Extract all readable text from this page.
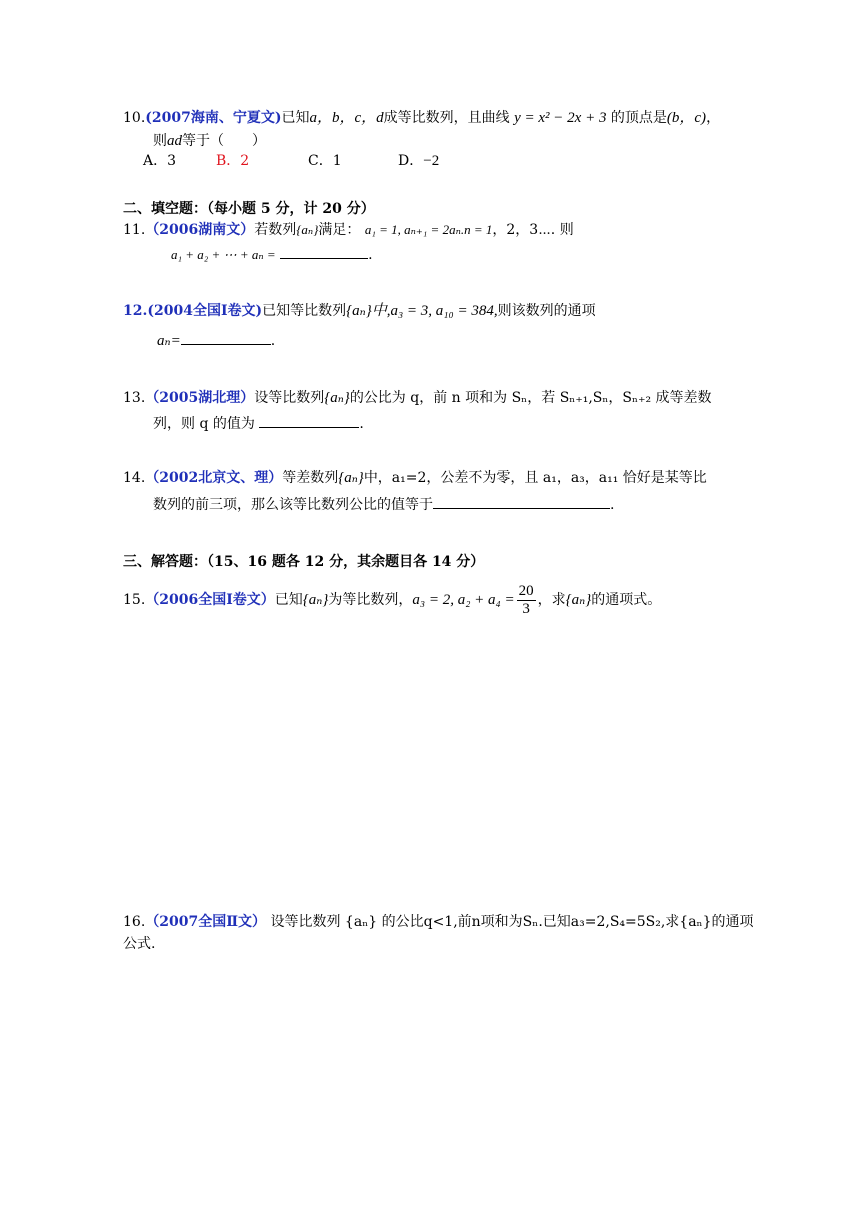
10.(2007海南、宁夏文)已知a，b，c，d成等比数列，且曲线 y = x² − 2x + 3 的顶点是(b，c)，
则ad等于（　　）
A．3	B．2	C．1	D．−2
二、填空题：（每小题 5 分，计 20 分）
11.（2006湖南文）若数列{aₙ}满足： a₁ = 1, aₙ₊₁ = 2aₙ.n = 1，2，3⋯. 则
a₁ + a₂ + ⋯ + aₙ =	.
12.(2004全国Ⅰ卷文)已知等比数列{aₙ}中,a₃ = 3, a₁₀ = 384,则该数列的通项
aₙ=	.
13.（2005湖北理）设等比数列{aₙ}的公比为 q，前 n 项和为 Sₙ，若 Sₙ₊₁,Sₙ，Sₙ₊₂ 成等差数
列，则 q 的值为	.
14.（2002北京文、理）等差数列{aₙ}中，a₁=2，公差不为零，且 a₁，a₃，a₁₁ 恰好是某等比
数列的前三项，那么该等比数列公比的值等于	.
三、解答题：（15、16 题各 12 分，其余题目各 14 分）
15.（2006全国Ⅰ卷文）已知{aₙ}为等比数列，a₃ = 2, $a_2 + a_4 = \frac{20}{3}$ ，求{aₙ}的通项式。
16.（2007全国Ⅱ文） 设等比数列 {aₙ} 的公比q<1,前n项和为Sₙ.已知a₃=2,S₄=5S₂,求{aₙ}的通项
公式.
